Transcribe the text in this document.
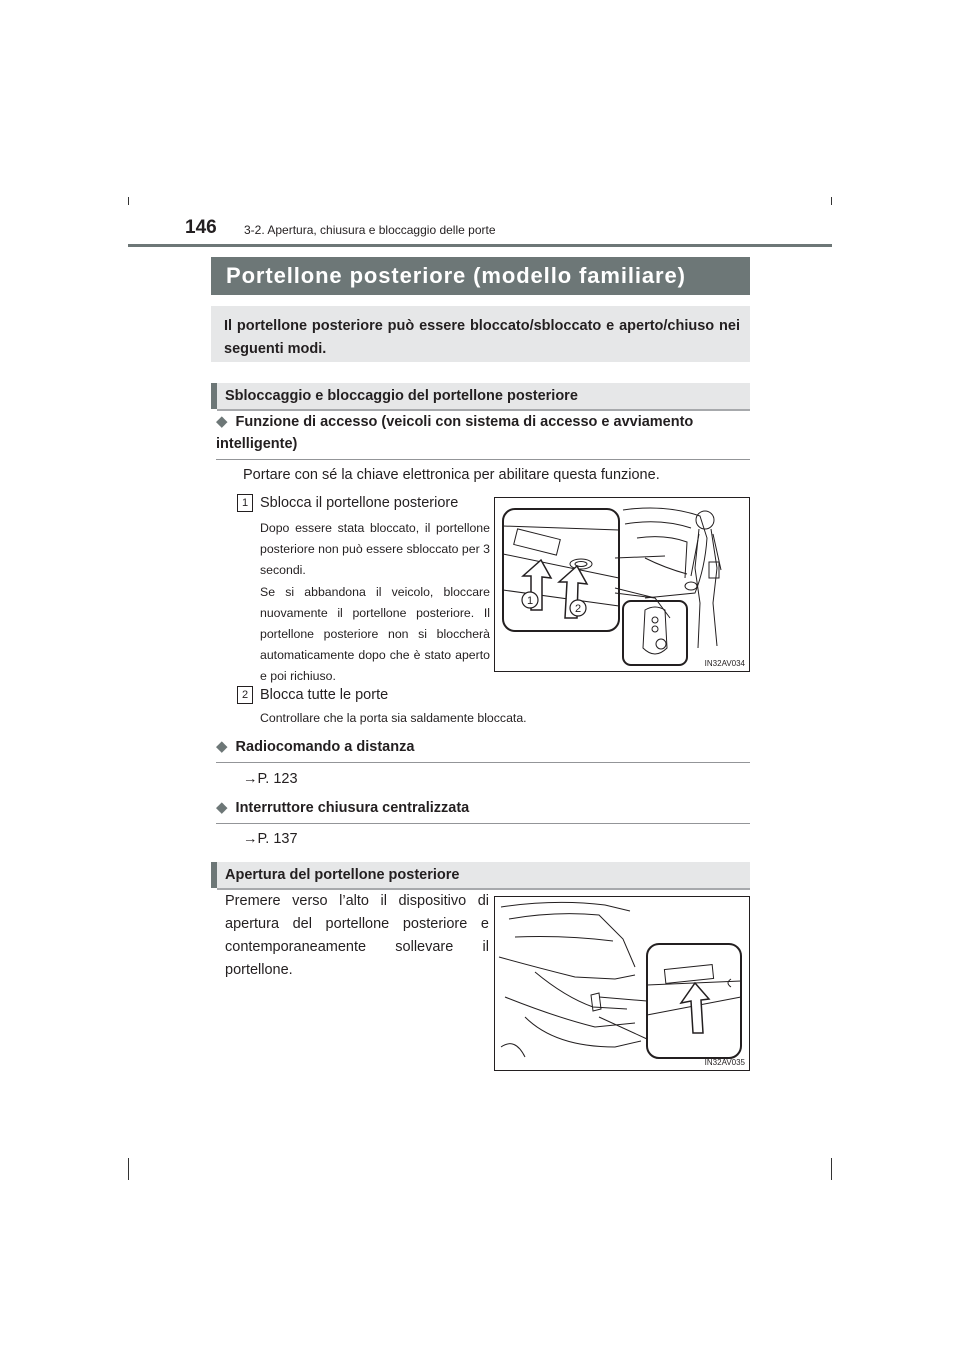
146 3-2. Apertura, chiusura e bloccaggio delle porte
Portellone posteriore (modello familiare)
Il portellone posteriore può essere bloccato/sbloccato e aperto/chiuso nei seguenti modi.
Sbloccaggio e bloccaggio del portellone posteriore
◆ Funzione di accesso (veicoli con sistema di accesso e avviamento intelligente)
Portare con sé la chiave elettronica per abilitare questa funzione.
1 Sblocca il portellone posteriore
Dopo essere stata bloccato, il portellone posteriore non può essere sbloccato per 3 secondi.
Se si abbandona il veicolo, bloccare nuovamente il portellone posteriore. Il portellone posteriore non si bloccherà automaticamente dopo che è stato aperto e poi richiuso.
1
2
IN32AV034
2 Blocca tutte le porte
Controllare che la porta sia saldamente bloccata.
◆ Radiocomando a distanza
→P. 123
◆ Interruttore chiusura centralizzata
→P. 137
Apertura del portellone posteriore
Premere verso l’alto il dispositivo di apertura del portellone posteriore e contemporaneamente sollevare il portellone.
IN32AV035
